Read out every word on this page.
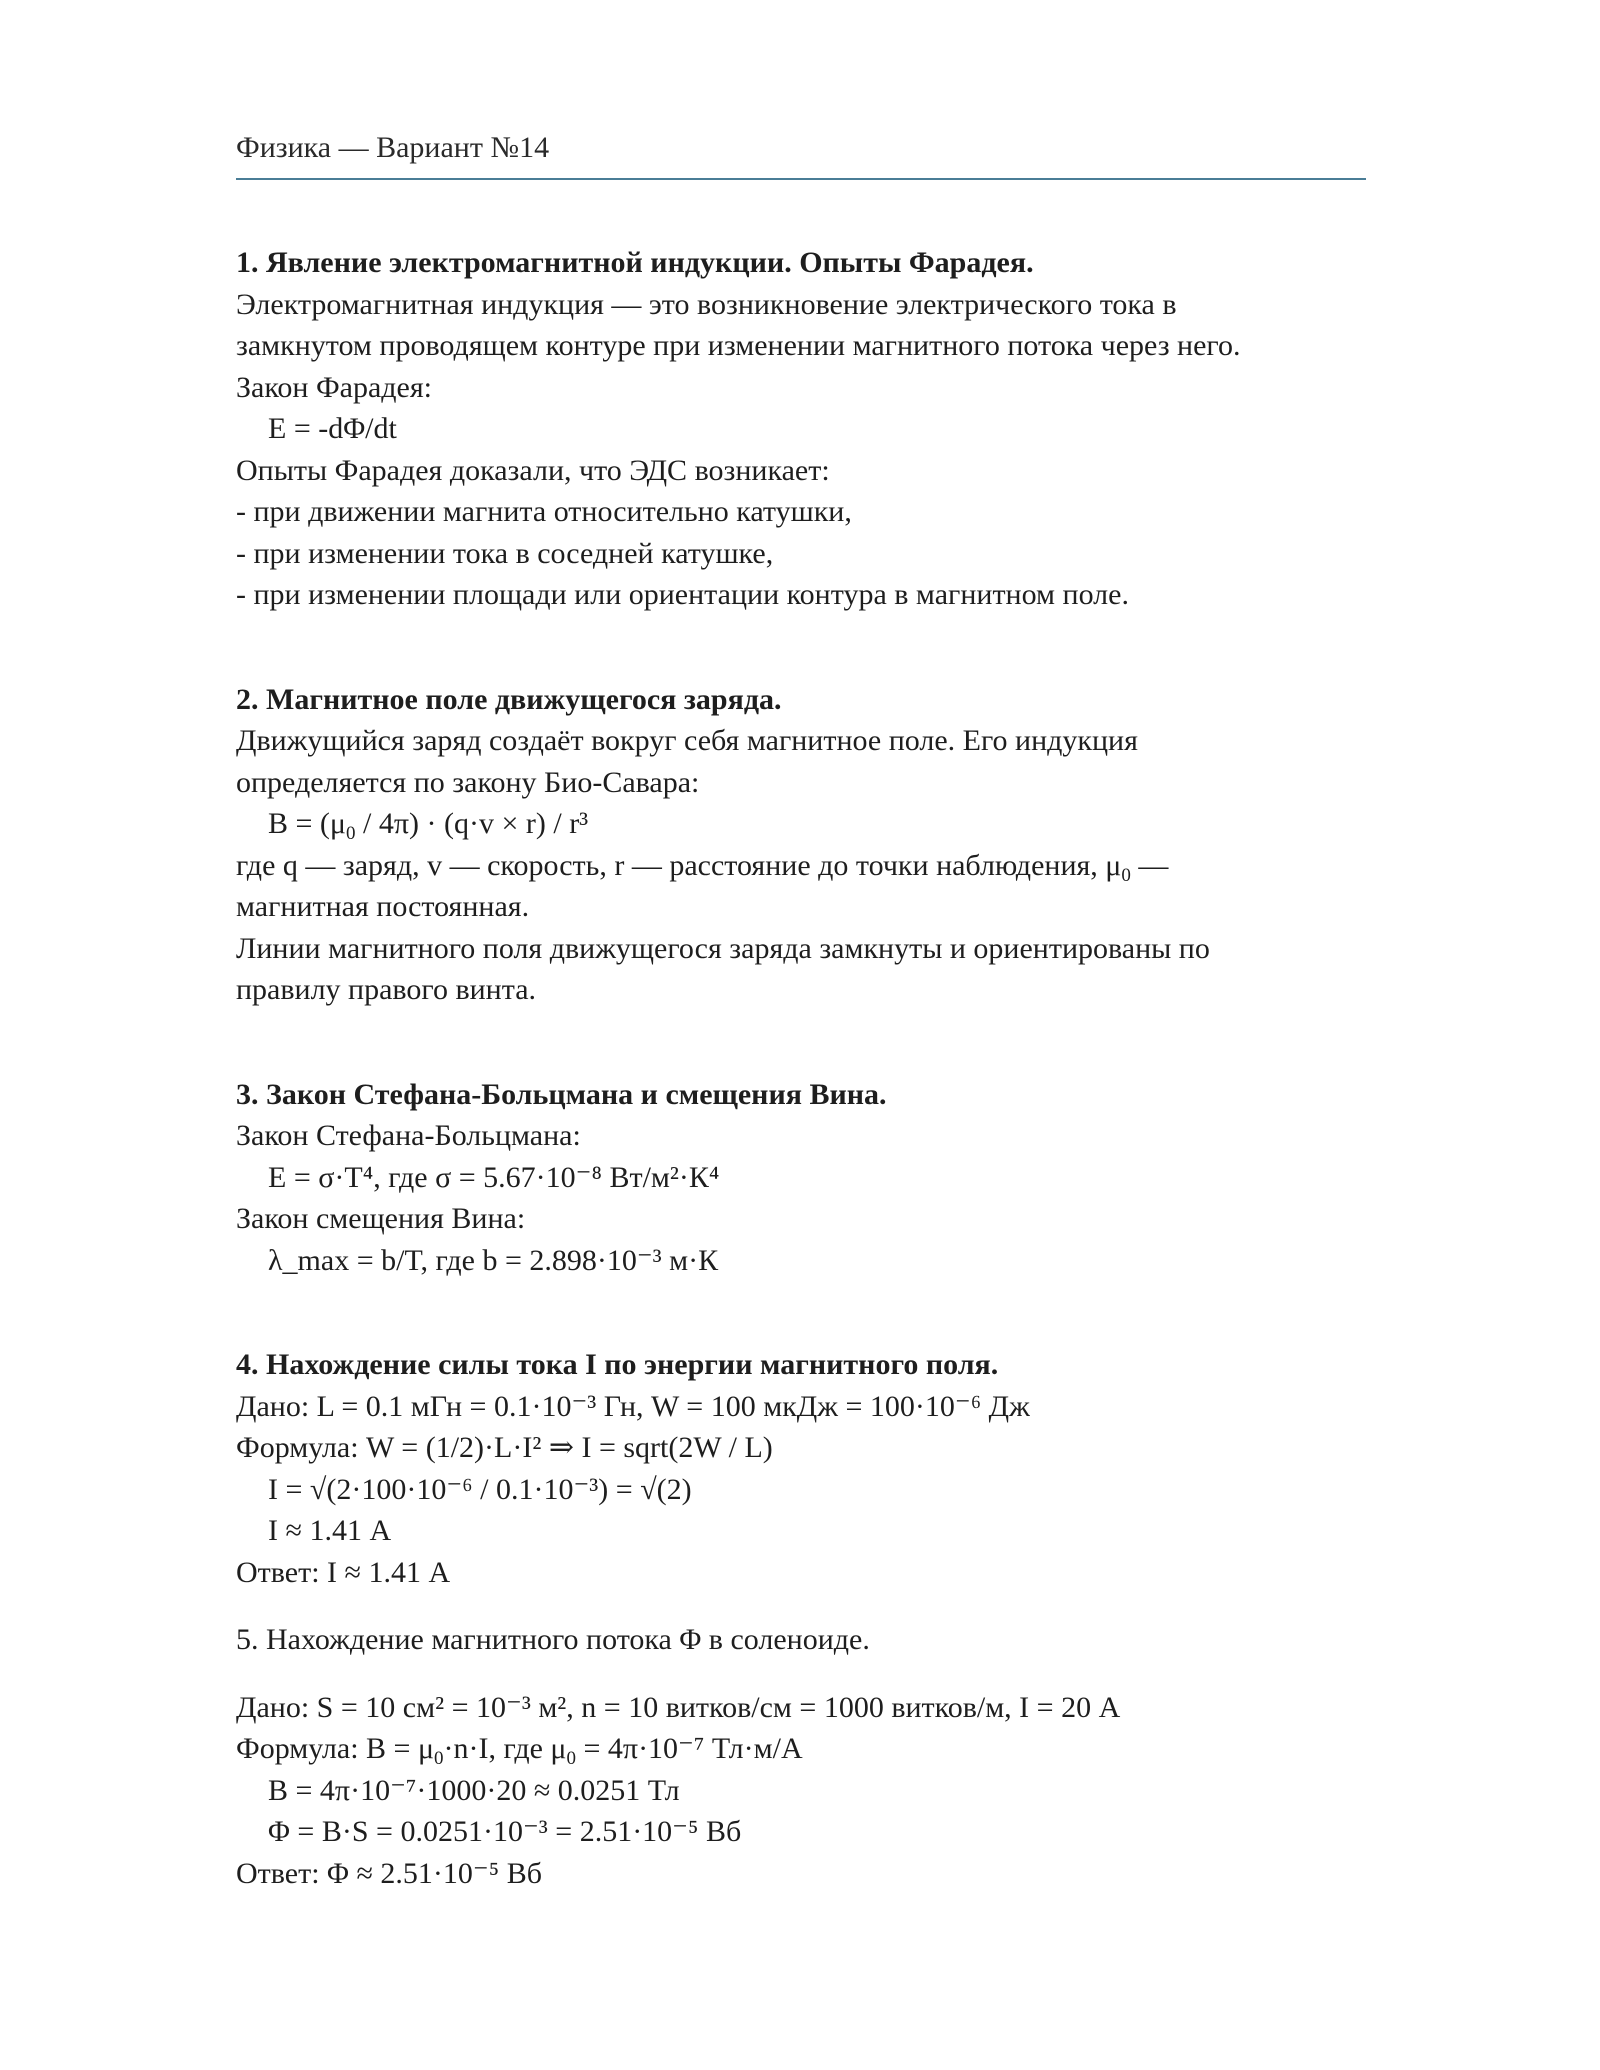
Физика — Вариант №14
1. Явление электромагнитной индукции. Опыты Фарадея.
Электромагнитная индукция — это возникновение электрического тока в
замкнутом проводящем контуре при изменении магнитного потока через него.
Закон Фарадея:
E = -dΦ/dt
Опыты Фарадея доказали, что ЭДС возникает:
- при движении магнита относительно катушки,
- при изменении тока в соседней катушке,
- при изменении площади или ориентации контура в магнитном поле.
2. Магнитное поле движущегося заряда.
Движущийся заряд создаёт вокруг себя магнитное поле. Его индукция
определяется по закону Био-Савара:
$B = (\mu_0 / 4\pi) \cdot (q\cdot v \times r) / r^3$
где q — заряд, v — скорость, r — расстояние до точки наблюдения, $\mu_0$ —
магнитная постоянная.
Линии магнитного поля движущегося заряда замкнуты и ориентированы по
правилу правого винта.
3. Закон Стефана-Больцмана и смещения Вина.
Закон Стефана-Больцмана:
E = σ·T⁴, где σ = 5.67·10⁻⁸ Вт/м²·К⁴
Закон смещения Вина:
λ_max = b/T, где b = 2.898·10⁻³ м·К
4. Нахождение силы тока I по энергии магнитного поля.
Дано: L = 0.1 мГн = 0.1·10⁻³ Гн, W = 100 мкДж = 100·10⁻⁶ Дж
Формула: W = (1/2)·L·I² ⇒ I = sqrt(2W / L)
I = √(2·100·10⁻⁶ / 0.1·10⁻³) = √(2)
I ≈ 1.41 А
Ответ: I ≈ 1.41 А
5. Нахождение магнитного потока Φ в соленоиде.
Дано: S = 10 см² = 10⁻³ м², n = 10 витков/см = 1000 витков/м, I = 20 А
Формула: $B = \mu_0\cdot n\cdot I$, где $\mu_0 = 4\pi\cdot 10^{-7}$ Тл·м/А
B = 4π·10⁻⁷·1000·20 ≈ 0.0251 Тл
Φ = B·S = 0.0251·10⁻³ = 2.51·10⁻⁵ Вб
Ответ: Φ ≈ 2.51·10⁻⁵ Вб
